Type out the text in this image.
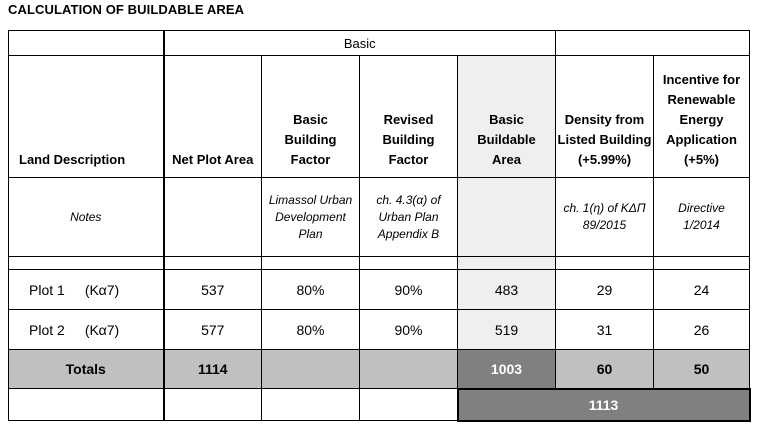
CALCULATION OF BUILDABLE AREA
	Basic					
Land Description	Net Plot Area	Basic Building Factor	Revised Building Factor	Basic Buildable Area	Density from Listed Building (+5.99%)	Incentive for Renewable Energy Application (+5%)

Notes		Limassol Urban Development Plan	ch. 4.3(α) of Urban Plan Appendix B		ch. 1(η) of ΚΔΠ 89/2015	Directive 1/2014

Plot 1 (Κα7)	537	80%	90%	483	29	24
Plot 2 (Κα7)	577	80%	90%	519	31	26
Totals	1114			1003	60	50
				1113		
